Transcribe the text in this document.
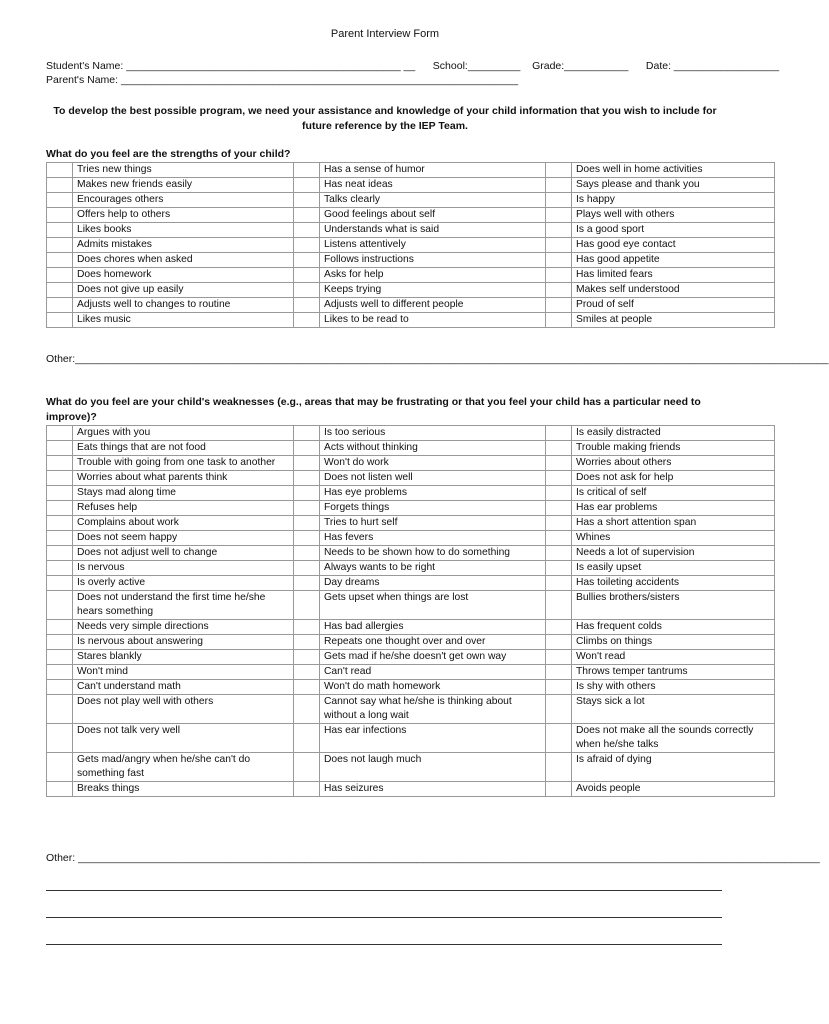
Parent Interview Form
Student's Name: _______________________________________________ __ School:_________ Grade:___________ Date: __________________
Parent's Name: ____________________________________________________________________
To develop the best possible program, we need your assistance and knowledge of your child information that you wish to include for future reference by the IEP Team.
What do you feel are the strengths of your child?
	Tries new things		Has a sense of humor		Does well in home activities
	Makes new friends easily		Has neat ideas		Says please and thank you
	Encourages others		Talks clearly		Is happy
	Offers help to others		Good feelings about self		Plays well with others
	Likes books		Understands what is said		Is a good sport
	Admits mistakes		Listens attentively		Has good eye contact
	Does chores when asked		Follows instructions		Has good appetite
	Does homework		Asks for help		Has limited fears
	Does not give up easily		Keeps trying		Makes self understood
	Adjusts well to changes to routine		Adjusts well to different people		Proud of self
	Likes music		Likes to be read to		Smiles at people
Other:_________________________________________________________________________________________________________________________________
What do you feel are your child's weaknesses (e.g., areas that may be frustrating or that you feel your child has a particular need to improve)?
	Argues with you		Is too serious		Is easily distracted
	Eats things that are not food		Acts without thinking		Trouble making friends
	Trouble with going from one task to another		Won't do work		Worries about others
	Worries about what parents think		Does not listen well		Does not ask for help
	Stays mad along time		Has eye problems		Is critical of self
	Refuses help		Forgets things		Has ear problems
	Complains about work		Tries to hurt self		Has a short attention span
	Does not seem happy		Has fevers		Whines
	Does not adjust well to change		Needs to be shown how to do something		Needs a lot of supervision
	Is nervous		Always wants to be right		Is easily upset
	Is overly active		Day dreams		Has toileting accidents
	Does not understand the first time he/she hears something		Gets upset when things are lost		Bullies brothers/sisters
	Needs very simple directions		Has bad allergies		Has frequent colds
	Is nervous about answering		Repeats one thought over and over		Climbs on things
	Stares blankly		Gets mad if he/she doesn't get own way		Won't read
	Won't mind		Can't read		Throws temper tantrums
	Can't understand math		Won't do math homework		Is shy with others
	Does not play well with others		Cannot say what he/she is thinking about without a long wait		Stays sick a lot
	Does not talk very well		Has ear infections		Does not make all the sounds correctly when he/she talks
	Gets mad/angry when he/she can't do something fast		Does not laugh much		Is afraid of dying
	Breaks things		Has seizures		Avoids people
Other: _______________________________________________________________________________________________________________________________
